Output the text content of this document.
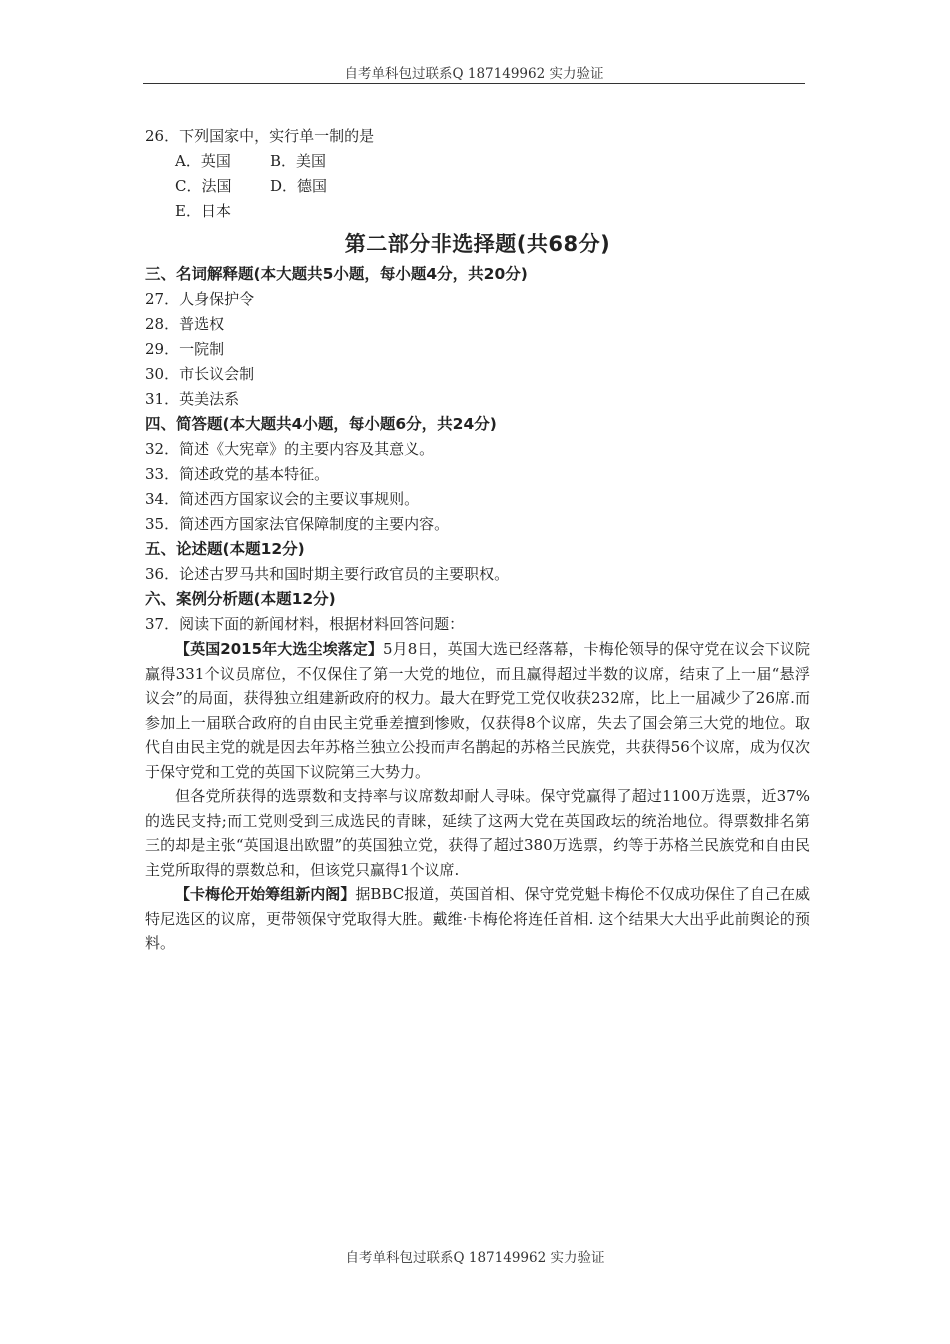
自考单科包过联系Q 187149962 实力验证
26．下列国家中，实行单一制的是
A．英国	B．美国
C．法国	D．德国
E．日本
第二部分非选择题(共68分)
三、名词解释题(本大题共5小题，每小题4分，共20分)
27．人身保护令
28．普选权
29．一院制
30．市长议会制
31．英美法系
四、简答题(本大题共4小题，每小题6分，共24分)
32．简述《大宪章》的主要内容及其意义。
33．简述政党的基本特征。
34．简述西方国家议会的主要议事规则。
35．简述西方国家法官保障制度的主要内容。
五、论述题(本题12分)
36．论述古罗马共和国时期主要行政官员的主要职权。
六、案例分析题(本题12分)
37．阅读下面的新闻材料，根据材料回答问题：
【英国2015年大选尘埃落定】5月8日，英国大选已经落幕，卡梅伦领导的保守党在议会下议院赢得331个议员席位，不仅保住了第一大党的地位，而且赢得超过半数的议席，结束了上一届“悬浮议会”的局面，获得独立组建新政府的权力。最大在野党工党仅收获232席，比上一届减少了26席.而参加上一届联合政府的自由民主党垂差擅到惨败，仅获得8个议席，失去了国会第三大党的地位。取代自由民主党的就是因去年苏格兰独立公投而声名鹊起的苏格兰民族党，共获得56个议席，成为仅次于保守党和工党的英国下议院第三大势力。
但各党所获得的选票数和支持率与议席数却耐人寻味。保守党赢得了超过1100万选票，近37%的选民支持;而工党则受到三成选民的青睐，延续了这两大党在英国政坛的统治地位。得票数排名第三的却是主张“英国退出欧盟”的英国独立党，获得了超过380万选票，约等于苏格兰民族党和自由民主党所取得的票数总和，但该党只赢得1个议席.
【卡梅伦开始筹组新内阁】据BBC报道，英国首相、保守党党魁卡梅伦不仅成功保住了自己在威特尼选区的议席，更带领保守党取得大胜。戴维·卡梅伦将连任首相. 这个结果大大出乎此前舆论的预料。
自考单科包过联系Q 187149962 实力验证
